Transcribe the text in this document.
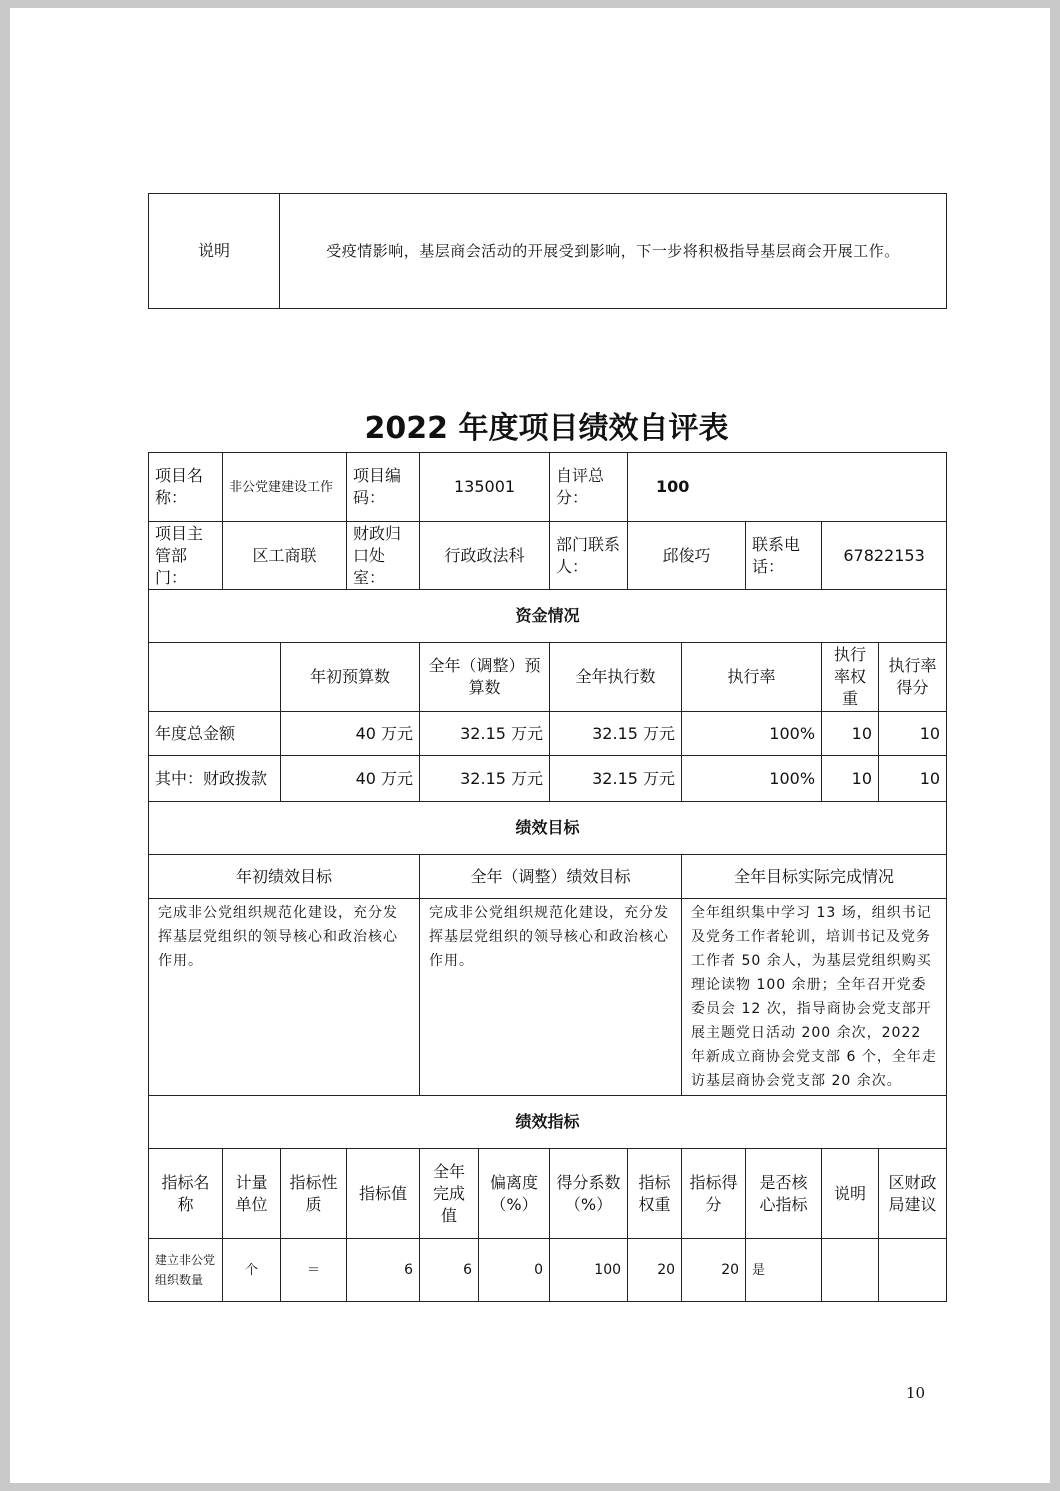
说明	受疫情影响，基层商会活动的开展受到影响，下一步将积极指导基层商会开展工作。
2022 年度项目绩效自评表
项目名称：	非公党建建设工作		项目编码：	135001		自评总分：	100				
项目主管部门：	区工商联		财政归口处室：	行政政法科		部门联系人：	邱俊巧		联系电话：	67822153	
资金情况											
		年初预算数		全年（调整）预算数		全年执行数		执行率		执行率权重	执行率得分
年度总金额		40 万元		32.15 万元		32.15 万元		100%		10	10
其中：财政拨款		40 万元		32.15 万元		32.15 万元		100%		10	10
绩效目标											
年初绩效目标				全年（调整）绩效目标				全年目标实际完成情况			
完成非公党组织规范化建设，充分发挥基层党组织的领导核心和政治核心作用。				完成非公党组织规范化建设，充分发挥基层党组织的领导核心和政治核心作用。				全年组织集中学习 13 场，组织书记及党务工作者轮训，培训书记及党务工作者 50 余人，为基层党组织购买理论读物 100 余册；全年召开党委委员会 12 次，指导商协会党支部开展主题党日活动 200 余次，2022 年新成立商协会党支部 6 个，全年走访基层商协会党支部 20 余次。			
绩效指标											
指标名称	计量单位	指标性质	指标值	全年完成值	偏离度（%）	得分系数（%）	指标权重	指标得分	是否核心指标	说明	区财政局建议
建立非公党组织数量	个	＝	6	6	0	100	20	20	是		
10
